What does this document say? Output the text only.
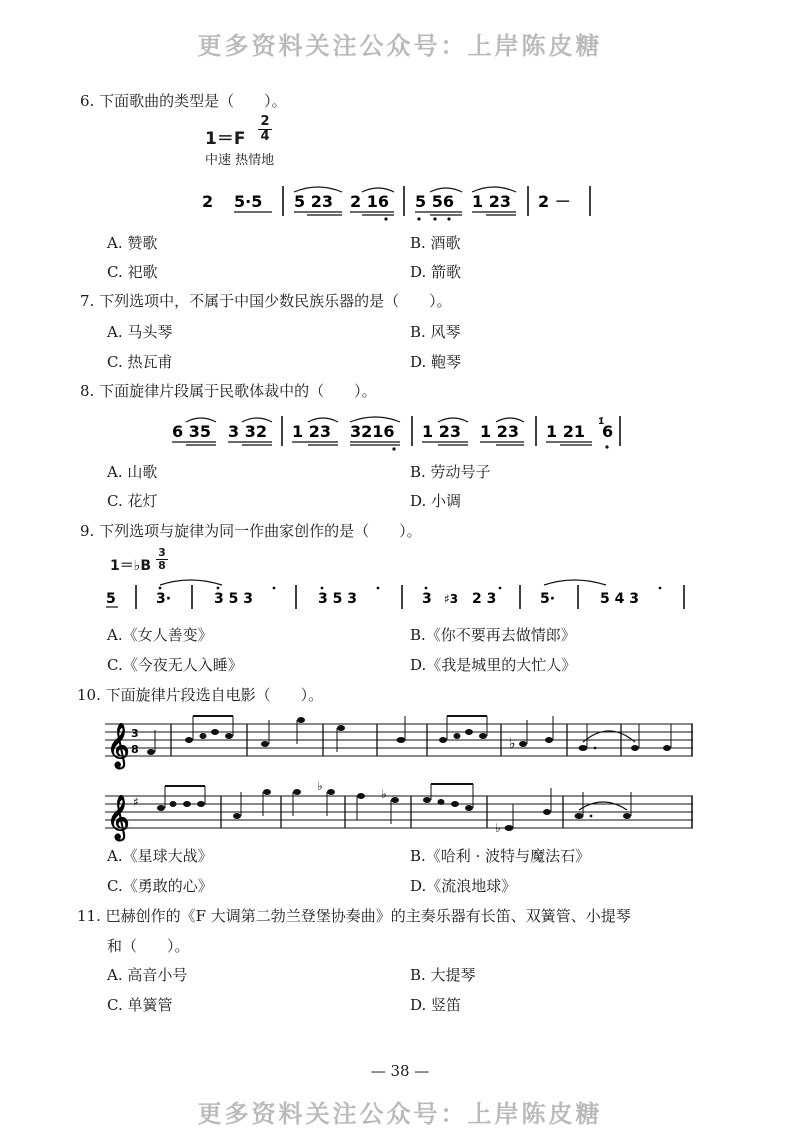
更多资料关注公众号：上岸陈皮糖
更多资料关注公众号：上岸陈皮糖
6. 下面歌曲的类型是（　　）。
1＝F
2
4
中速 热情地
2 5·5 5 23 2 16 5 56 1 23 2 －
A. 赞歌	B. 酒歌
C. 祀歌	D. 箭歌
7. 下列选项中，不属于中国少数民族乐器的是（　　）。
A. 马头琴	B. 风琴
C. 热瓦甫	D. 鞄琴
8. 下面旋律片段属于民歌体裁中的（　　）。
6 35 3 32 1 23 3216 1 23 1 23 1 21 1̇
6
A. 山歌	B. 劳动号子
C. 花灯	D. 小调
9. 下列选项与旋律为同一作曲家创作的是（　　）。
1＝♭B
3
8
5	3·	3 5 3	3 5 3	3 ♯3 2 3	5·	5 4 3
A.《女人善变》	B.《你不要再去做情郎》
C.《今夜无人入睡》	D.《我是城里的大忙人》
10. 下面旋律片段选自电影（　　）。
𝄞 3
8	♭
𝄞 ♯
♭
♭
♭
A.《星球大战》	B.《哈利 · 波特与魔法石》
C.《勇敢的心》	D.《流浪地球》
11. 巴赫创作的《F 大调第二勃兰登堡协奏曲》的主奏乐器有长笛、双簧管、小提琴
和（　　）。
A. 高音小号	B. 大提琴
C. 单簧管	D. 竖笛
— 38 —
